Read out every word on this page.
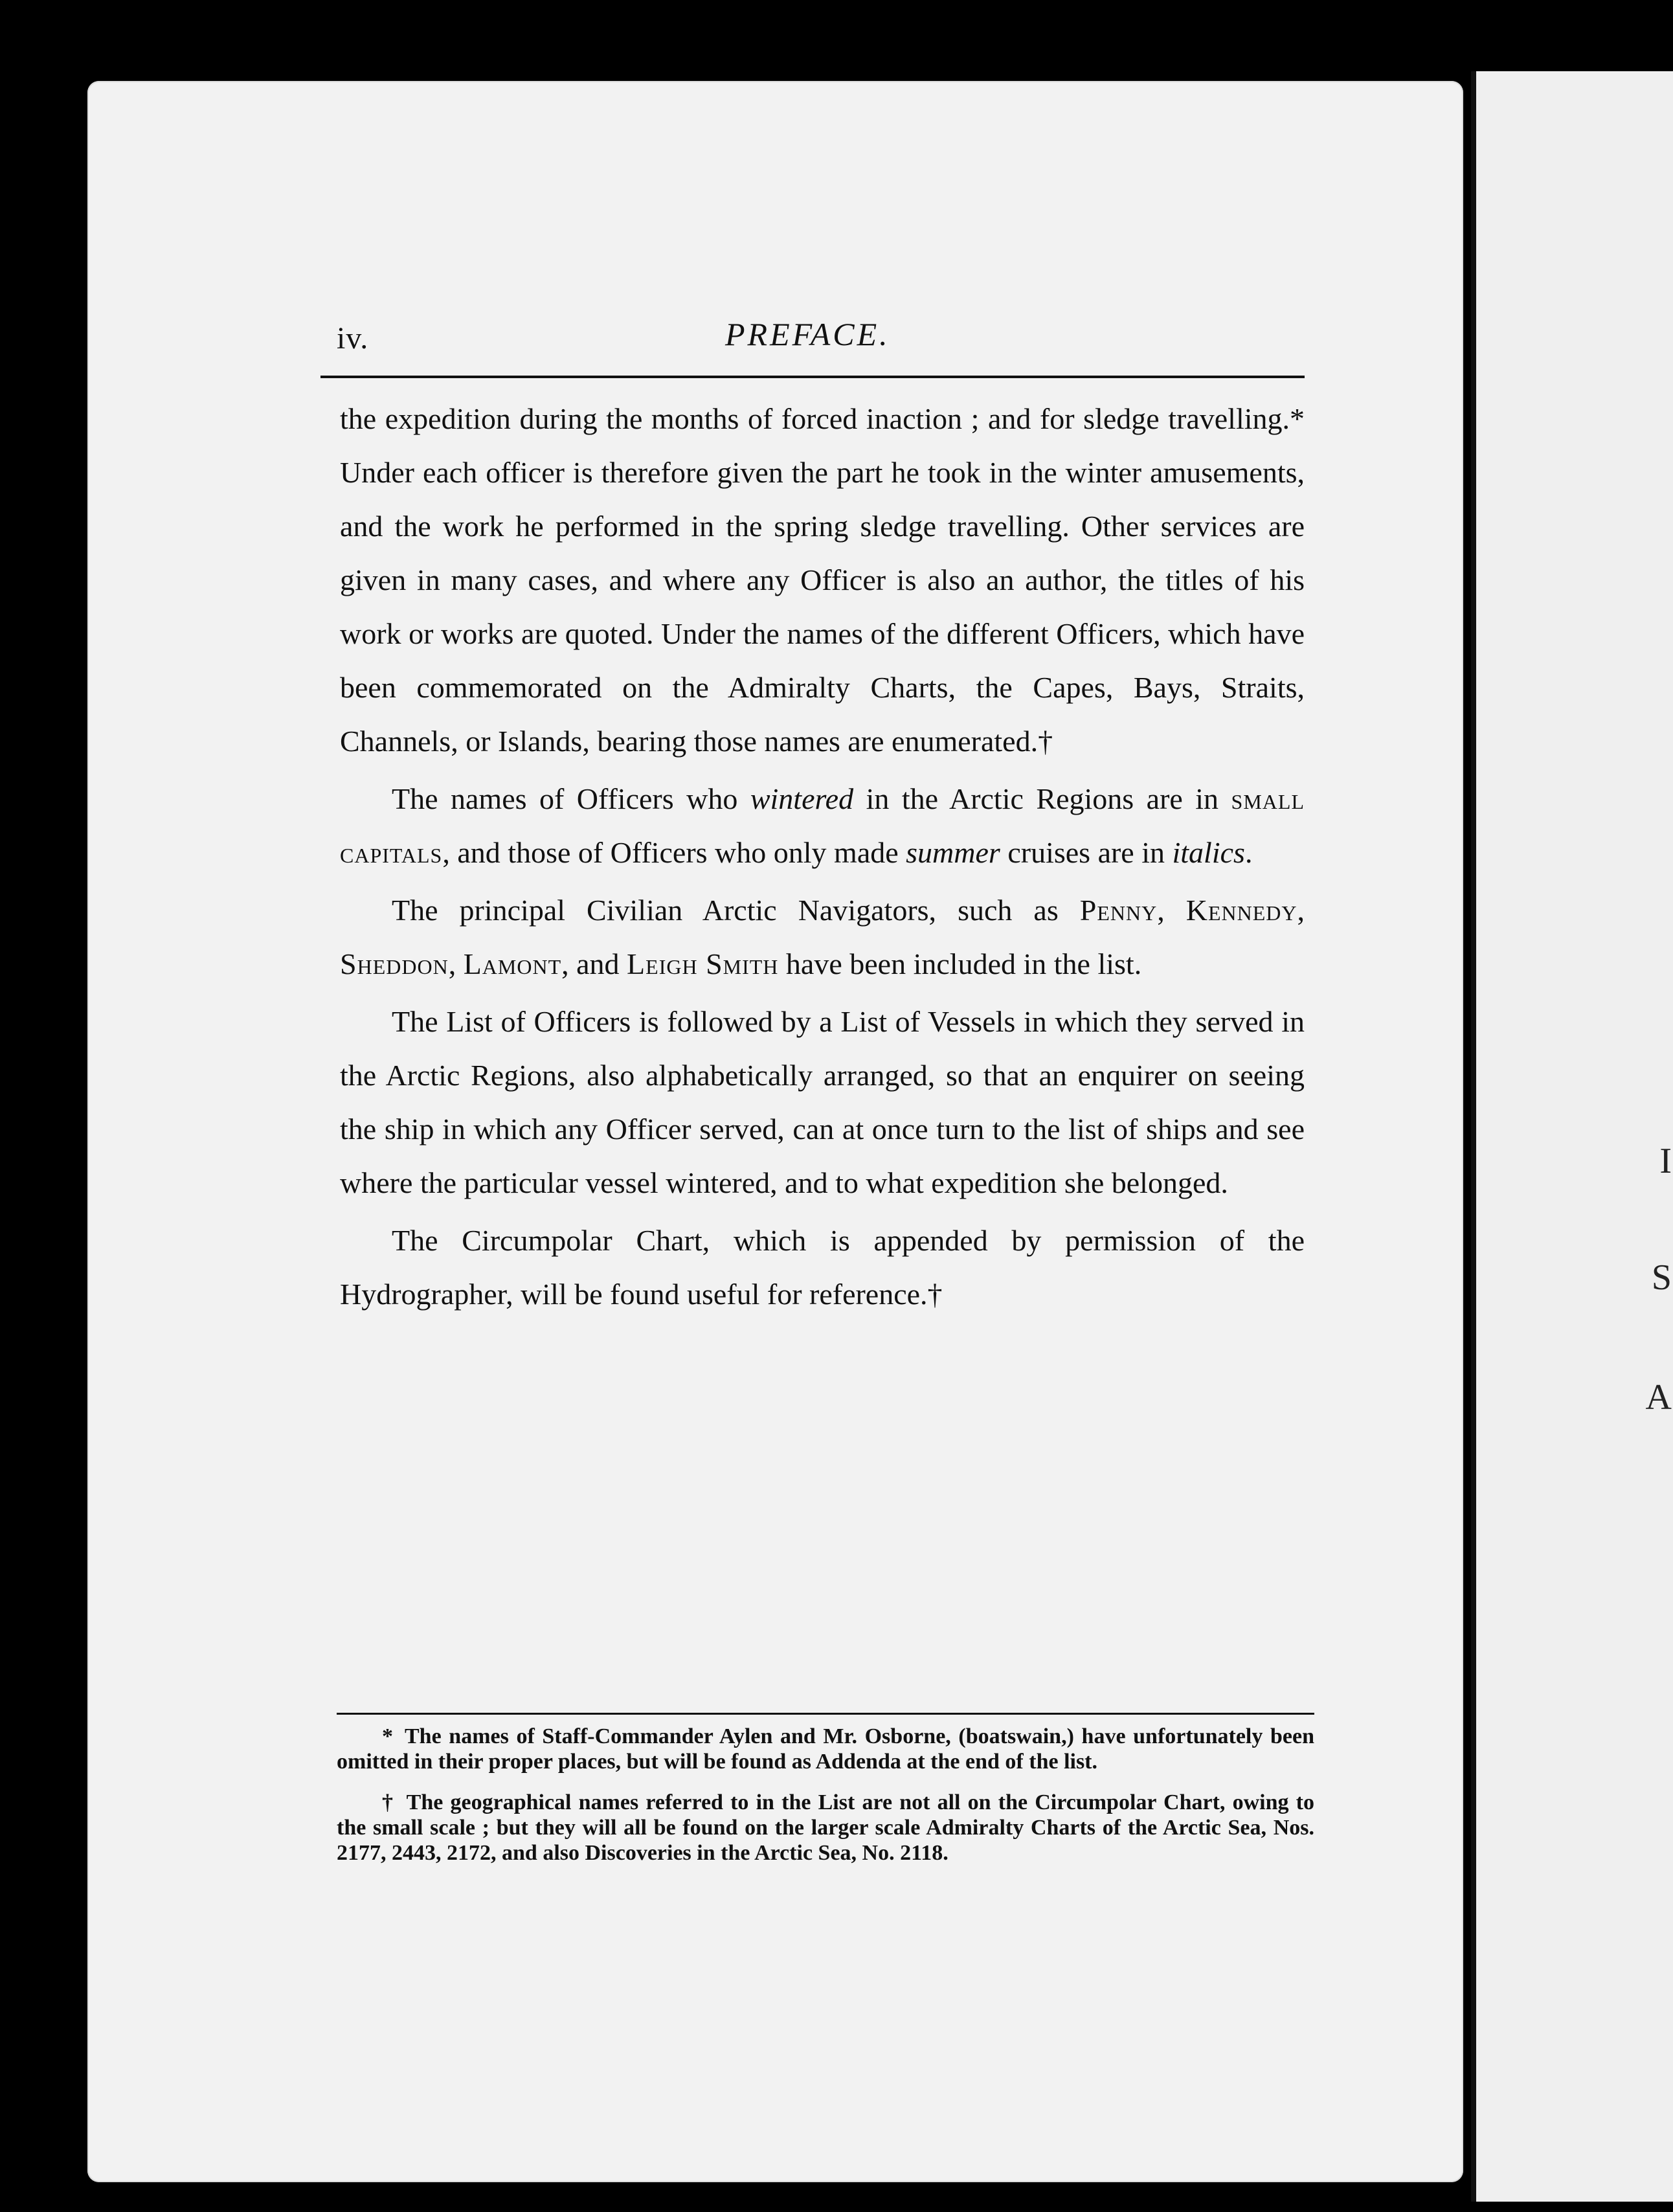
I
S
A
iv.	PREFACE.

the expedition during the months of forced inaction ; and for sledge travelling.* Under each officer is therefore given the part he took in the winter amusements, and the work he performed in the spring sledge travelling. Other services are given in many cases, and where any Officer is also an author, the titles of his work or works are quoted. Under the names of the different Officers, which have been commemorated on the Admiralty Charts, the Capes, Bays, Straits, Channels, or Islands, bearing those names are enumerated.†

The names of Officers who wintered in the Arctic Regions are in small capitals, and those of Officers who only made summer cruises are in italics.

The principal Civilian Arctic Navigators, such as Penny, Kennedy, Sheddon, Lamont, and Leigh Smith have been included in the list.

The List of Officers is followed by a List of Vessels in which they served in the Arctic Regions, also alphabetically arranged, so that an enquirer on seeing the ship in which any Officer served, can at once turn to the list of ships and see where the particular vessel wintered, and to what expedition she belonged.

The Circumpolar Chart, which is appended by permission of the Hydrographer, will be found useful for reference.†

* The names of Staff-Commander Aylen and Mr. Osborne, (boatswain,) have unfortunately been omitted in their proper places, but will be found as Addenda at the end of the list.
† The geographical names referred to in the List are not all on the Circumpolar Chart, owing to the small scale ; but they will all be found on the larger scale Admiralty Charts of the Arctic Sea, Nos. 2177, 2443, 2172, and also Discoveries in the Arctic Sea, No. 2118.
